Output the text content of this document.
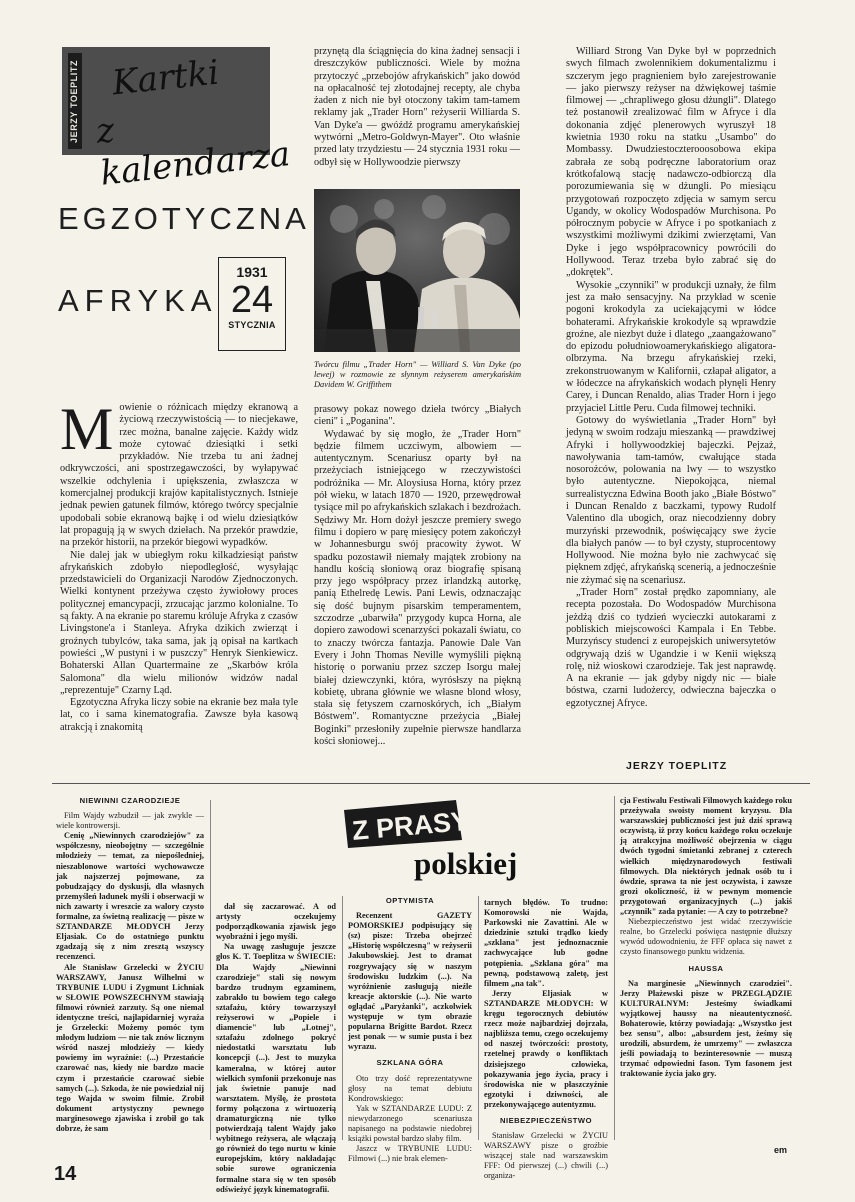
JERZY TOEPLITZ Kartki
z kalendarza
EGZOTYCZNA
AFRYKA
1931
24
STYCZNIA
Twórcu filmu „Trader Horn" — Williard S. Van Dyke (po lewej) w rozmowie ze słynnym reżyserem amerykańskim Davidem W. Griffithem
M owienie o różnicach między ekranową a życiową rzeczywistością — to niecjekawe, rzec można, banalne zajęcie. Każdy widz może cytować dziesiątki i setki przykładów. Nie trzeba tu ani żadnej odkrywczości, ani spostrzegawczości, by wyłapywać wszelkie odchylenia i upiększenia, zwłaszcza w komercjalnej produkcji krajów kapitalistycznych. Istnieje jednak pewien gatunek filmów, którego twórcy specjalnie upodobali sobie ekranową bajkę i od wielu dziesiątków lat propagują ją w swych dziełach. Na przekór prawdzie, na przekór historii, na przekór biegowi wypadków.

Nie dalej jak w ubiegłym roku kilkadziesiąt państw afrykańskich zdobyło niepodległość, wysyłając przedstawicieli do Organizacji Narodów Zjednoczonych. Wielki kontynent przeżywa często żywiołowy proces politycznej emancypacji, zrzucając jarzmo kolonialne. To są fakty. A na ekranie po staremu króluje Afryka z czasów Livingstone'a i Stanleya. Afryka dzikich zwierząt i groźnych tubylców, taka sama, jak ją opisał na kartkach powieści „W pustyni i w puszczy" Henryk Sienkiewicz. Bohaterski Allan Quartermaine ze „Skarbów króla Salomona" dla wielu milionów widzów nadal „reprezentuje" Czarny Ląd.

Egzotyczna Afryka liczy sobie na ekranie bez mała tyle lat, co i sama kinematografia. Zawsze była kasową atrakcją i znakomitą

przynętą dla ściągnięcia do kina żadnej sensacji i dreszczyków publiczności. Wiele by można przytoczyć „przebojów afrykańskich" jako dowód na opłacalność tej złotodajnej recepty, ale chyba żaden z nich nie był otoczony takim tam-tamem reklamy jak „Trader Horn" reżyserii Williarda S. Van Dyke'a — gwóźdź programu amerykańskiej wytwórni „Metro-Goldwyn-Mayer". Oto właśnie przed laty trzydziestu — 24 stycznia 1931 roku — odbył się w Hollywoodzie pierwszy

prasowy pokaz nowego dzieła twórcy „Białych cieni" i „Poganina".

Wydawać by się mogło, że „Trader Horn" będzie filmem uczciwym, albowiem — autentycznym. Scenariusz oparty był na przeżyciach istniejącego w rzeczywistości podróżnika — Mr. Aloysiusa Horna, który przez pół wieku, w latach 1870 — 1920, przewędrował tysiące mil po afrykańskich szlakach i bezdrożach. Sędziwy Mr. Horn dożył jeszcze premiery swego filmu i dopiero w parę miesięcy potem zakończył w Johannesburgu swój pracowity żywot. W spadku pozostawił niemały majątek zrobiony na handlu kością słoniową oraz biografię spisaną przy jego współpracy przez irlandzką autorkę, panią Ethelredę Lewis. Pani Lewis, odznaczając się dość bujnym pisarskim temperamentem, szczodrze „ubarwiła" przygody kupca Horna, ale dopiero zawodowi scenarzyści pokazali światu, co to znaczy twórcza fantazja. Panowie Dale Van Every i John Thomas Neville wymyślili piękną historię o porwaniu przez szczep Isorgu małej białej dziewczynki, która, wyrósłszy na piękną kobietę, ubrana głównie we własne blond włosy, stała się fetyszem czarnoskórych, ich „Białym Bóstwem". Romantyczne przeżycia „Białej Boginki" przesłoniły zupełnie pierwsze handlarza kości słoniowej...

Williard Strong Van Dyke był w poprzednich swych filmach zwolennikiem dokumentalizmu i szczerym jego pragnieniem było zarejestrowanie — jako pierwszy reżyser na dźwiękowej taśmie filmowej — „chrapliwego głosu dżungli". Dlatego też postanowił zrealizować film w Afryce i dla dokonania zdjęć plenerowych wyruszył 18 kwietnia 1930 roku na statku „Usambo" do Mombassy. Dwudziestoczterooosobowa ekipa zabrała ze sobą podręczne laboratorium oraz krótkofalową stację nadawczo-odbiorczą dla porozumiewania się w dżungli. Po miesiącu przygotowań rozpoczęto zdjęcia w samym sercu Ugandy, w okolicy Wodospadów Murchisona. Po półrocznym pobycie w Afryce i po spotkaniach z wszystkimi możliwymi dzikimi zwierzętami, Van Dyke i jego współpracownicy powrócili do Hollywood. Teraz trzeba było zabrać się do „dokrętek".

Wysokie „czynniki" w produkcji uznały, że film jest za mało sensacyjny. Na przykład w scenie pogoni krokodyla za uciekającymi w łódce bohaterami. Afrykańskie krokodyle są wprawdzie groźne, ale niezbyt duże i dlatego „zaangażowano" do epizodu południowoamerykańskiego aligatora-olbrzyma. Na brzegu afrykańskiej rzeki, zrekonstruowanym w Kalifornii, człapał aligator, a w łódeczce na afrykańskich wodach płynęli Henry Carey, i Duncan Renaldo, alias Trader Horn i jego przyjaciel Little Peru. Cuda filmowej techniki.

Gotowy do wyświetlania „Trader Horn" był jedyną w swoim rodzaju mieszanką — prawdziwej Afryki i hollywoodzkiej bajeczki. Pejzaż, nawoływania tam-tamów, cwałujące stada nosorożców, polowania na lwy — to wszystko było autentyczne. Niepokojąca, niemal surrealistyczna Edwina Booth jako „Białe Bóstwo" i Duncan Renaldo z baczkami, typowy Rudolf Valentino dla ubogich, oraz niecodzienny dobry murzyński przewodnik, poświęcający swe życie dla białych panów — to był czysty, stuprocentowy Hollywood. Nie można było nie zachwycać się pięknem zdjęć, afrykańską scenerią, a jednocześnie nie zżymać się na scenariusz.

„Trader Horn" został prędko zapomniany, ale recepta pozostała. Do Wodospadów Murchisona jeżdżą dziś co tydzień wycieczki autokarami z pobliskich miejscowości Kampala i En Tebbe. Murzyńscy studenci z europejskich uniwersytetów odgrywają dziś w Ugandzie i w Kenii większą rolę, niż wioskowi czarodzieje. Tak jest naprawdę. A na ekranie — jak gdyby nigdy nic — białe bóstwa, czarni ludożercy, odwieczna bajeczka o egzotycznej Afryce.

JERZY TOEPLITZ
Z PRASY
polskiej
NIEWINNI CZARODZIEJE

Film Wajdy wzbudził — jak zwykle — wiele kontrowersji.

Cenię „Niewinnych czarodziejów" za współczesny, nieobojętny — szczególnie młodzieży — temat, za niepośledniej, nieszablonowe wartości wychowawcze jak najszerzej pojmowane, za pobudzający do dyskusji, dla własnych przemyśleń ładunek myśli i obserwacji w nich zawarty i wreszcie za walory czysto formalne, za świetną realizację — pisze w SZTANDARZE MŁODYCH Jerzy Eljasiak. Co do ostatniego punktu zgadzają się z nim zresztą wszyscy recenzenci.

Ale Stanisław Grzelecki w ŻYCIU WARSZAWY, Janusz Wilhelmi w TRYBUNIE LUDU i Zygmunt Lichniak w SŁOWIE POWSZECHNYM stawiają filmowi również zarzuty. Są one niemal identyczne treści, najlapidarniej wyraża je Grzelecki: Możemy pomóc tym młodym ludziom — nie tak znów licznym wśród naszej młodzieży — kiedy powiemy im wyraźnie: (...) Przestańcie czarować nas, kiedy nie bardzo macie czym i przestańcie czarować siebie samych (...). Szkoda, że nie powiedział nij tego Wajda w swoim filmie. Zrobił dokument artystyczny pewnego marginesowego zjawiska i zrobił go tak dobrze, że sam

dał się zaczarować. A od artysty oczekujemy podporządkowania zjawisk jego wyobraźni i jego myśli.

Na uwagę zasługuje jeszcze głos K. T. Toeplitza w ŚWIECIE: Dla Wajdy „Niewinni czarodzieje" stali się nowym bardzo trudnym egzaminem, zabrakło tu bowiem tego całego sztafażu, który towarzyszył reżyserowi w „Popiele i diamencie" lub „Lotnej", sztafażu zdolnego pokryć niedostatki warsztatu lub koncepcji (...). Jest to muzyka kameralna, w której autor wielkich symfonii przekonuje nas jak świetnie panuje nad warsztatem. Myślę, że prostota formy połączona z wirtuozerią dramaturgiczną nie tylko potwierdzają talent Wajdy jako wybitnego reżysera, ale włączają go również do tego nurtu w kinie europejskim, który nakładając sobie surowe ograniczenia formalne stara się w ten sposób odświeżyć język kinematografii.

OPTYMISTA

Recenzent GAZETY POMORSKIEJ podpisujący się (sz) pisze: Trzeba obejrzeć „Historię współczesną" w reżyserii Jakubowskiej. Jest to dramat rozgrywający się w naszym środowisku ludzkim (...). Na wyróżnienie zasługują nieźle kreacje aktorskie (...). Nie warto oglądać „Paryżanki", aczkolwiek występuje w tym obrazie popularna Brigitte Bardot. Rzecz jest ponak — w sumie pusta i bez wyrazu.

SZKLANA GÓRA

Oto trzy dość reprezentatywne głosy na temat debiutu Kondrowskiego:

Yak w SZTANDARZE LUDU: Z niewydarzonego scenariusza napisanego na podstawie niedobrej książki powstał bardzo słaby film.

Jaszcz w TRYBUNIE LUDU: Filmowi (...) nie brak elemen-

tarnych błędów. To trudno: Komorowski nie Wajda, Parkowski nie Zavattini. Ale w dziedzinie sztuki trądko kiedy „szklana" jest jednoznacznie zachwycające lub godne potępienia. „Szklana góra" ma pewną, podstawową zaletę, jest filmem „na tak".

Jerzy Eljasiak w SZTANDARZE MŁODYCH: W kręgu tegorocznych debiutów rzecz może najbardziej dojrzała, najbliższa temu, czego oczekujemy od naszej twórczości: prostoty, rzetelnej prawdy o konfliktach dzisiejszego człowieka, pokazywania jego życia, pracy i środowiska nie w płaszczyźnie egzotyki i dziwności, ale przekonywającego autentyzmu.

NIEBEZPIECZEŃSTWO

Stanisław Grzelecki w ŻYCIU WARSZAWY pisze o groźbie wiszącej stale nad warszawskim FFF: Od pierwszej (...) chwili (...) organiza-

cja Festiwalu Festiwali Filmowych każdego roku przeżywała swoisty moment kryzysu. Dla warszawskiej publiczności jest już dziś sprawą oczywistą, iż przy końcu każdego roku oczekuje ją atrakcyjna możliwość obejrzenia w ciągu dwóch tygodni śmietanki zebranej z czterech wielkich międzynarodowych festiwali filmowych. Dla niektórych jednak osób tu i ówdzie, sprawa ta nie jest oczywista, i zawsze grozi okoliczność, iż w pewnym momencie przygotowań organizacyjnych (...) jakiś „czynnik" zada pytanie: — A czy to potrzebne?

Niebezpieczeństwo jest widać rzeczywiście realne, bo Grzelecki poświęca następnie dłuższy wywód udowodnieniu, że FFF opłaca się nawet z czysto finansowego punktu widzenia.

HAUSSA

Na marginesie „Niewinnych czarodziei". Jerzy Płażewski pisze w PRZEGLĄDZIE KULTURALNYM: Jesteśmy świadkami wyjątkowej haussy na nieautentyczność. Bohaterowie, którzy powiadają: „Wszystko jest bez sensu", albo: „absurdem jest, żeśmy się urodzili, absurdem, że umrzemy" — zwłaszcza jeśli powiadają to bezinteresownie — muszą trzymać odpowiedni fason. Tym fasonem jest traktowanie życia jako gry.

em
14
